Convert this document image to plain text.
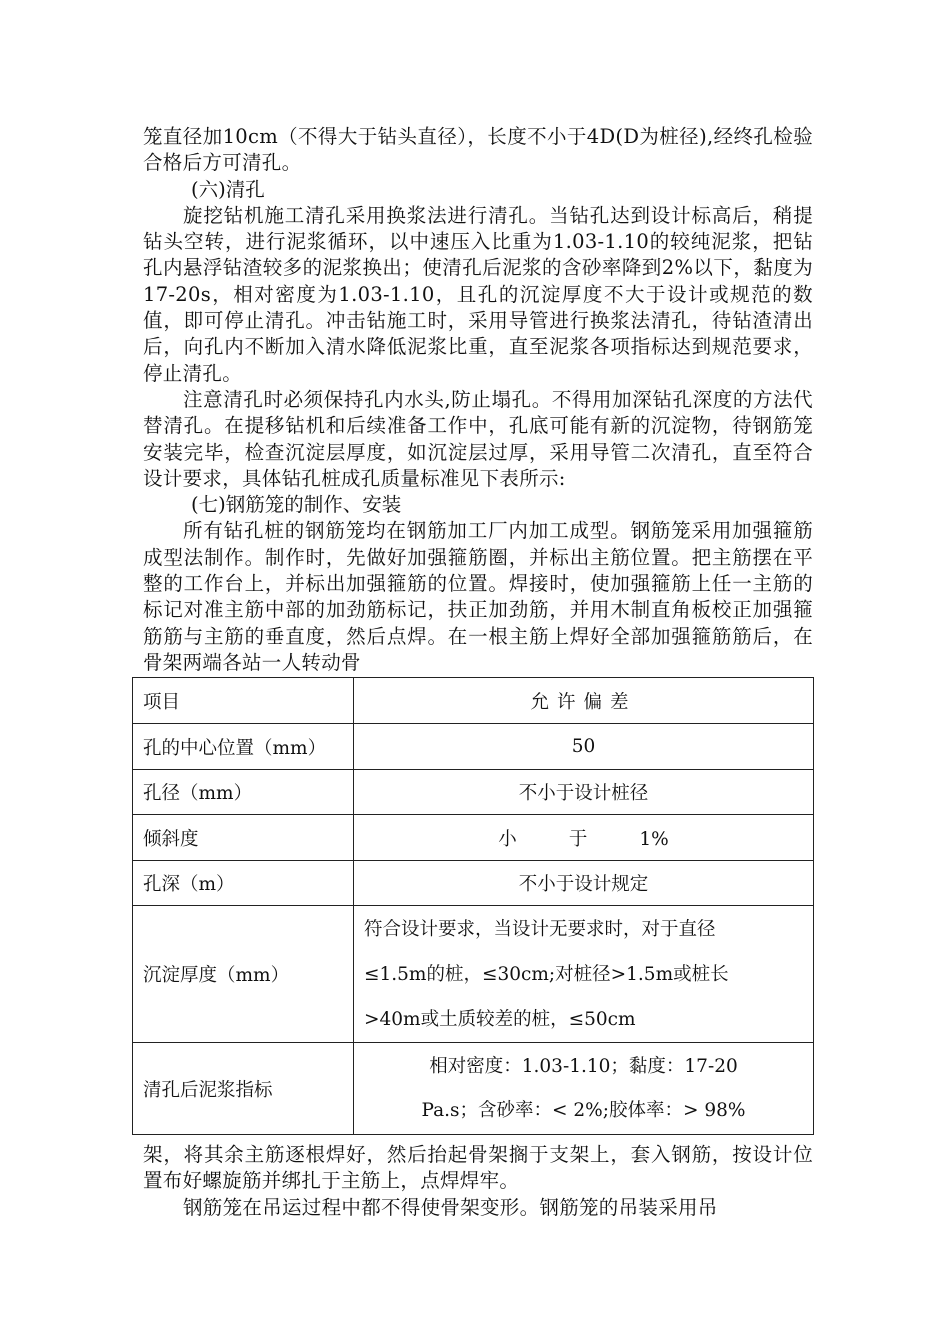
笼直径加10cm（不得大于钻头直径），长度不小于4D(D为桩径),经终孔检验合格后方可清孔。

(六)清孔

旋挖钻机施工清孔采用换浆法进行清孔。当钻孔达到设计标高后，稍提钻头空转，进行泥浆循环，以中速压入比重为1.03-1.10的较纯泥浆，把钻孔内悬浮钻渣较多的泥浆换出；使清孔后泥浆的含砂率降到2%以下，黏度为17-20s，相对密度为1.03-1.10，且孔的沉淀厚度不大于设计或规范的数值，即可停止清孔。冲击钻施工时，采用导管进行换浆法清孔，待钻渣清出后，向孔内不断加入清水降低泥浆比重，直至泥浆各项指标达到规范要求，停止清孔。

注意清孔时必须保持孔内水头,防止塌孔。不得用加深钻孔深度的方法代替清孔。在提移钻机和后续准备工作中，孔底可能有新的沉淀物，待钢筋笼安装完毕，检查沉淀层厚度，如沉淀层过厚，采用导管二次清孔，直至符合设计要求，具体钻孔桩成孔质量标准见下表所示:

(七)钢筋笼的制作、安装

所有钻孔桩的钢筋笼均在钢筋加工厂内加工成型。钢筋笼采用加强箍筋成型法制作。制作时，先做好加强箍筋圈，并标出主筋位置。把主筋摆在平整的工作台上，并标出加强箍筋的位置。焊接时，使加强箍筋上任一主筋的标记对准主筋中部的加劲筋标记，扶正加劲筋，并用木制直角板校正加强箍筋筋与主筋的垂直度，然后点焊。在一根主筋上焊好全部加强箍筋筋后，在骨架两端各站一人转动骨

项目	允许偏差
孔的中心位置（mm）	50
孔径（mm）	不小于设计桩径
倾斜度	小 于 1%
孔深（m）	不小于设计规定
沉淀厚度（mm）	符合设计要求，当设计无要求时，对于直径
≤1.5m的桩，≤30cm;对桩径>1.5m或桩长
>40m或土质较差的桩，≤50cm

清孔后泥浆指标	相对密度：1.03-1.10；黏度：17-20
Pa.s；含砂率：< 2%;胶体率：> 98%

架，将其余主筋逐根焊好，然后抬起骨架搁于支架上，套入钢筋，按设计位置布好螺旋筋并绑扎于主筋上，点焊焊牢。

钢筋笼在吊运过程中都不得使骨架变形。钢筋笼的吊装采用吊
